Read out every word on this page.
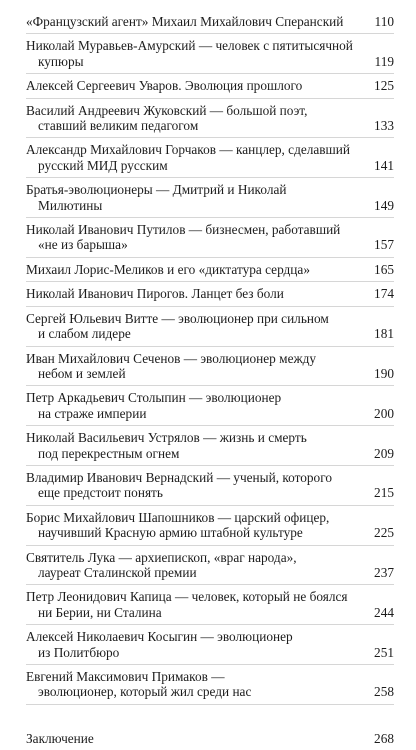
«Французский агент» Михаил Михайлович Сперанский	110
Николай Муравьев-Амурский — человек с пятитысячной
купюры	119
Алексей Сергеевич Уваров. Эволюция прошлого	125
Василий Андреевич Жуковский — большой поэт,
ставший великим педагогом	133
Александр Михайлович Горчаков — канцлер, сделавший
русский МИД русским	141
Братья-эволюционеры — Дмитрий и Николай
Милютины	149
Николай Иванович Путилов — бизнесмен, работавший
«не из барыша»	157
Михаил Лорис-Меликов и его «диктатура сердца»	165
Николай Иванович Пирогов. Ланцет без боли	174
Сергей Юльевич Витте — эволюционер при сильном
и слабом лидере	181
Иван Михайлович Сеченов — эволюционер между
небом и землей	190
Петр Аркадьевич Столыпин — эволюционер
на страже империи	200
Николай Васильевич Устрялов — жизнь и смерть
под перекрестным огнем	209
Владимир Иванович Вернадский — ученый, которого
еще предстоит понять	215
Борис Михайлович Шапошников — царский офицер,
научивший Красную армию штабной культуре	225
Святитель Лука — архиепископ, «враг народа»,
лауреат Сталинской премии	237
Петр Леонидович Капица — человек, который не боялся
ни Берии, ни Сталина	244
Алексей Николаевич Косыгин — эволюционер
из Политбюро	251
Евгений Максимович Примаков —
эволюционер, который жил среди нас	258
Заключение	268
